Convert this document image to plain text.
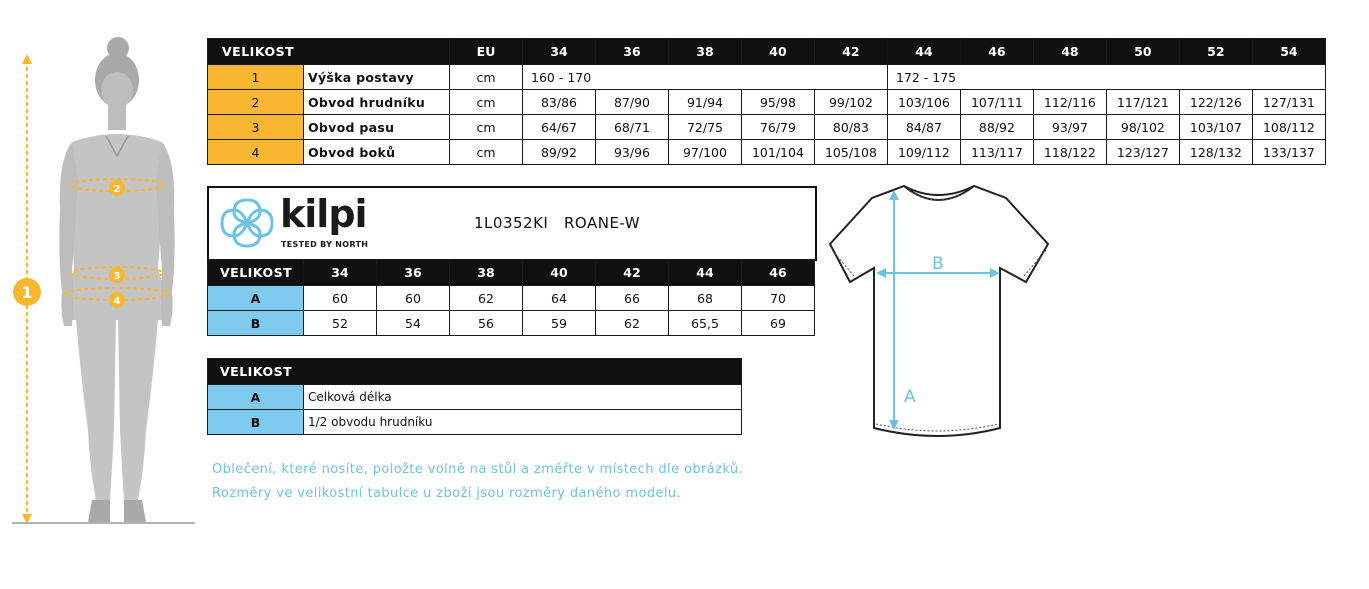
1
2
3
4
VELIKOST		EU	34	36	38	40	42	44	46	48	50	52	54
1	Výška postavy	cm	160 - 170					172 - 175					
2	Obvod hrudníku	cm	83/86	87/90	91/94	95/98	99/102	103/106	107/111	112/116	117/121	122/126	127/131
3	Obvod pasu	cm	64/67	68/71	72/75	76/79	80/83	84/87	88/92	93/97	98/102	103/107	108/112
4	Obvod boků	cm	89/92	93/96	97/100	101/104	105/108	109/112	113/117	118/122	123/127	128/132	133/137
kilpi
TESTED BY NORTH
1L0352KI ROANE-W
VELIKOST	34	36	38	40	42	44	46
A	60	60	62	64	66	68	70
B	52	54	56	59	62	65,5	69
VELIKOST	
A	Celková délka
B	1/2 obvodu hrudníku
A
B
Oblečení, které nosíte, položte volně na stůl a změřte v místech dle obrázků.
Rozměry ve velikostní tabulce u zboží jsou rozměry daného modelu.
